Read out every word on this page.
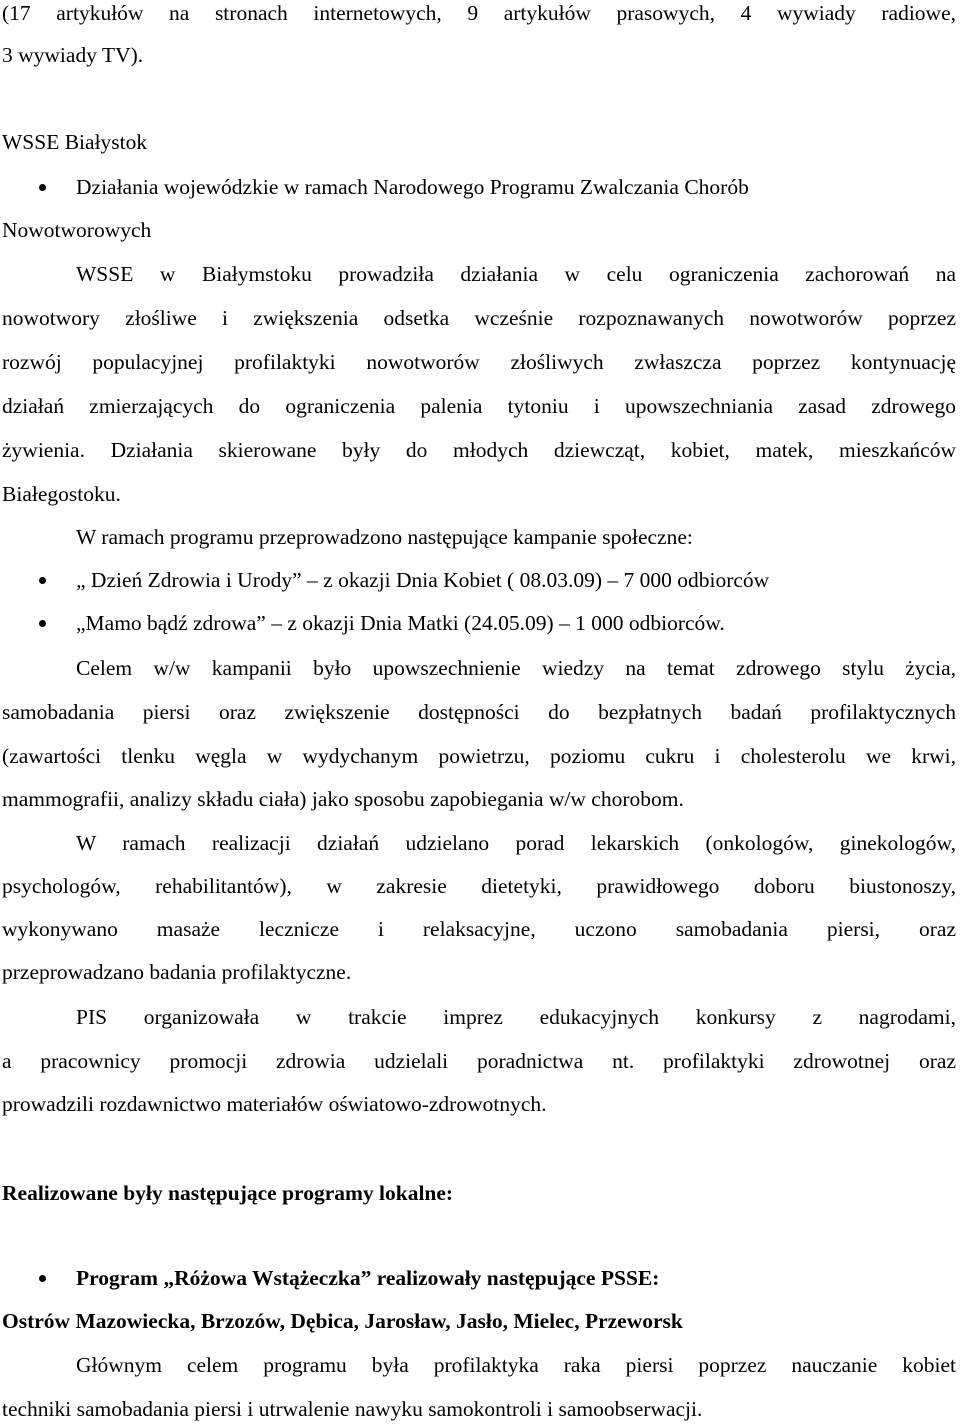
(17 artykułów na stronach internetowych, 9 artykułów prasowych, 4 wywiady radiowe,
3 wywiady TV).
WSSE Białystok
Działania wojewódzkie w ramach Narodowego Programu Zwalczania Chorób
Nowotworowych
WSSE w Białymstoku prowadziła działania w celu ograniczenia zachorowań na
nowotwory złośliwe i zwiększenia odsetka wcześnie rozpoznawanych nowotworów poprzez
rozwój populacyjnej profilaktyki nowotworów złośliwych zwłaszcza poprzez kontynuację
działań zmierzających do ograniczenia palenia tytoniu i upowszechniania zasad zdrowego
żywienia. Działania skierowane były do młodych dziewcząt, kobiet, matek, mieszkańców
Białegostoku.
W ramach programu przeprowadzono następujące kampanie społeczne:
„ Dzień Zdrowia i Urody” – z okazji Dnia Kobiet ( 08.03.09) – 7 000 odbiorców
„Mamo bądź zdrowa” – z okazji Dnia Matki (24.05.09) – 1 000 odbiorców.
Celem w/w kampanii było upowszechnienie wiedzy na temat zdrowego stylu życia,
samobadania piersi oraz zwiększenie dostępności do bezpłatnych badań profilaktycznych
(zawartości tlenku węgla w wydychanym powietrzu, poziomu cukru i cholesterolu we krwi,
mammografii, analizy składu ciała) jako sposobu zapobiegania w/w chorobom.
W ramach realizacji działań udzielano porad lekarskich (onkologów, ginekologów,
psychologów, rehabilitantów), w zakresie dietetyki, prawidłowego doboru biustonoszy,
wykonywano masaże lecznicze i relaksacyjne, uczono samobadania piersi, oraz
przeprowadzano badania profilaktyczne.
PIS organizowała w trakcie imprez edukacyjnych konkursy z nagrodami,
a pracownicy promocji zdrowia udzielali poradnictwa nt. profilaktyki zdrowotnej oraz
prowadzili rozdawnictwo materiałów oświatowo-zdrowotnych.
Realizowane były następujące programy lokalne:
Program „Różowa Wstążeczka” realizowały następujące PSSE:
Ostrów Mazowiecka, Brzozów, Dębica, Jarosław, Jasło, Mielec, Przeworsk
Głównym celem programu była profilaktyka raka piersi poprzez nauczanie kobiet
techniki samobadania piersi i utrwalenie nawyku samokontroli i samoobserwacji.
